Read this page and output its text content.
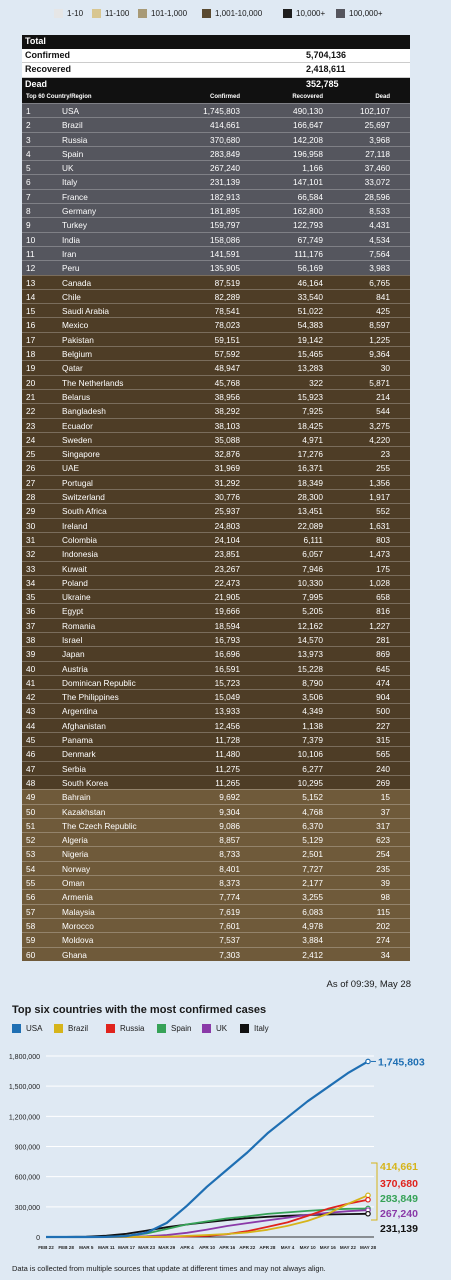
1-10	11-100	101-1,000	1,001-10,000	10,000+	100,000+
Total
Confirmed	5,704,136
Recovered	2,418,611
Dead	352,785
Top 60 Country/Region	Confirmed	Recovered	Dead
1	USA	1,745,803	490,130	102,107
2	Brazil	414,661	166,647	25,697
3	Russia	370,680	142,208	3,968
4	Spain	283,849	196,958	27,118
5	UK	267,240	1,166	37,460
6	Italy	231,139	147,101	33,072
7	France	182,913	66,584	28,596
8	Germany	181,895	162,800	8,533
9	Turkey	159,797	122,793	4,431
10	India	158,086	67,749	4,534
11	Iran	141,591	111,176	7,564
12	Peru	135,905	56,169	3,983
13	Canada	87,519	46,164	6,765
14	Chile	82,289	33,540	841
15	Saudi Arabia	78,541	51,022	425
16	Mexico	78,023	54,383	8,597
17	Pakistan	59,151	19,142	1,225
18	Belgium	57,592	15,465	9,364
19	Qatar	48,947	13,283	30
20	The Netherlands	45,768	322	5,871
21	Belarus	38,956	15,923	214
22	Bangladesh	38,292	7,925	544
23	Ecuador	38,103	18,425	3,275
24	Sweden	35,088	4,971	4,220
25	Singapore	32,876	17,276	23
26	UAE	31,969	16,371	255
27	Portugal	31,292	18,349	1,356
28	Switzerland	30,776	28,300	1,917
29	South Africa	25,937	13,451	552
30	Ireland	24,803	22,089	1,631
31	Colombia	24,104	6,111	803
32	Indonesia	23,851	6,057	1,473
33	Kuwait	23,267	7,946	175
34	Poland	22,473	10,330	1,028
35	Ukraine	21,905	7,995	658
36	Egypt	19,666	5,205	816
37	Romania	18,594	12,162	1,227
38	Israel	16,793	14,570	281
39	Japan	16,696	13,973	869
40	Austria	16,591	15,228	645
41	Dominican Republic	15,723	8,790	474
42	The Philippines	15,049	3,506	904
43	Argentina	13,933	4,349	500
44	Afghanistan	12,456	1,138	227
45	Panama	11,728	7,379	315
46	Denmark	11,480	10,106	565
47	Serbia	11,275	6,277	240
48	South Korea	11,265	10,295	269
49	Bahrain	9,692	5,152	15
50	Kazakhstan	9,304	4,768	37
51	The Czech Republic	9,086	6,370	317
52	Algeria	8,857	5,129	623
53	Nigeria	8,733	2,501	254
54	Norway	8,401	7,727	235
55	Oman	8,373	2,177	39
56	Armenia	7,774	3,255	98
57	Malaysia	7,619	6,083	115
58	Morocco	7,601	4,978	202
59	Moldova	7,537	3,884	274
60	Ghana	7,303	2,412	34
As of 09:39, May 28
Top six countries with the most confirmed cases
USA	Brazil	Russia	Spain	UK	Italy
0
300,000
600,000
900,000
1,200,000
1,500,000
1,800,000
FEB 22 FEB 28 MAR 5 MAR 11 MAR 17 MAR 23 MAR 29 APR 4 APR 10 APR 16 APR 22 APR 28 MAY 4 MAY 10 MAY 16 MAY 22 MAY 28
1,745,803
414,661
370,680
283,849
267,240
231,139
Data is collected from multiple sources that update at different times and may not always align.
